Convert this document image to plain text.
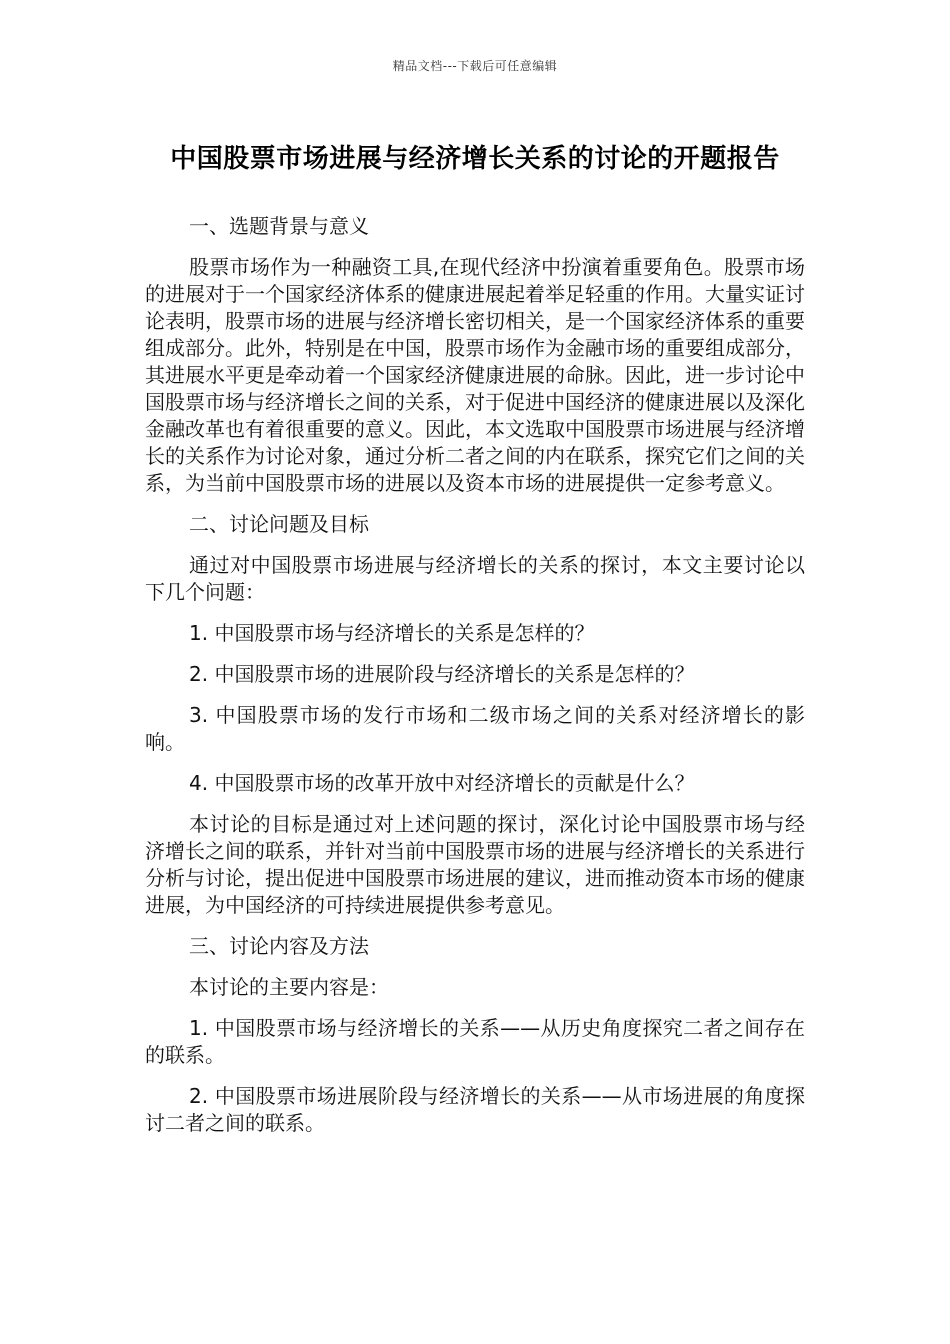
精品文档---下载后可任意编辑
中国股票市场进展与经济增长关系的讨论的开题报告

一、选题背景与意义

股票市场作为一种融资工具,在现代经济中扮演着重要角色。股票市场的进展对于一个国家经济体系的健康进展起着举足轻重的作用。大量实证讨论表明，股票市场的进展与经济增长密切相关，是一个国家经济体系的重要组成部分。此外，特别是在中国，股票市场作为金融市场的重要组成部分，其进展水平更是牵动着一个国家经济健康进展的命脉。因此，进一步讨论中国股票市场与经济增长之间的关系，对于促进中国经济的健康进展以及深化金融改革也有着很重要的意义。因此，本文选取中国股票市场进展与经济增长的关系作为讨论对象，通过分析二者之间的内在联系，探究它们之间的关系，为当前中国股票市场的进展以及资本市场的进展提供一定参考意义。

二、讨论问题及目标

通过对中国股票市场进展与经济增长的关系的探讨，本文主要讨论以下几个问题：

1. 中国股票市场与经济增长的关系是怎样的？

2. 中国股票市场的进展阶段与经济增长的关系是怎样的？

3. 中国股票市场的发行市场和二级市场之间的关系对经济增长的影响。

4. 中国股票市场的改革开放中对经济增长的贡献是什么？

本讨论的目标是通过对上述问题的探讨，深化讨论中国股票市场与经济增长之间的联系，并针对当前中国股票市场的进展与经济增长的关系进行分析与讨论，提出促进中国股票市场进展的建议，进而推动资本市场的健康进展，为中国经济的可持续进展提供参考意见。

三、讨论内容及方法

本讨论的主要内容是：

1. 中国股票市场与经济增长的关系——从历史角度探究二者之间存在的联系。

2. 中国股票市场进展阶段与经济增长的关系——从市场进展的角度探讨二者之间的联系。
